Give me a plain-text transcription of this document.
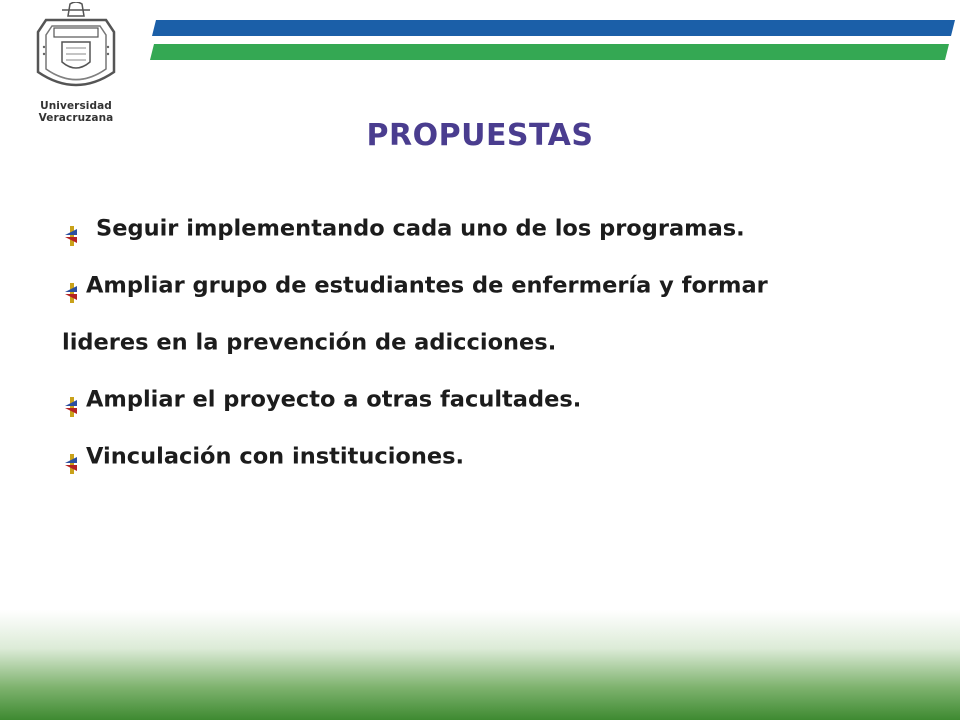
Universidad Veracruzana	PROPUESTAS
Seguir implementando cada uno de los programas.
Ampliar grupo de estudiantes de enfermería y formar
lideres en la prevención de adicciones.
Ampliar el proyecto a otras facultades.
Vinculación con instituciones.
